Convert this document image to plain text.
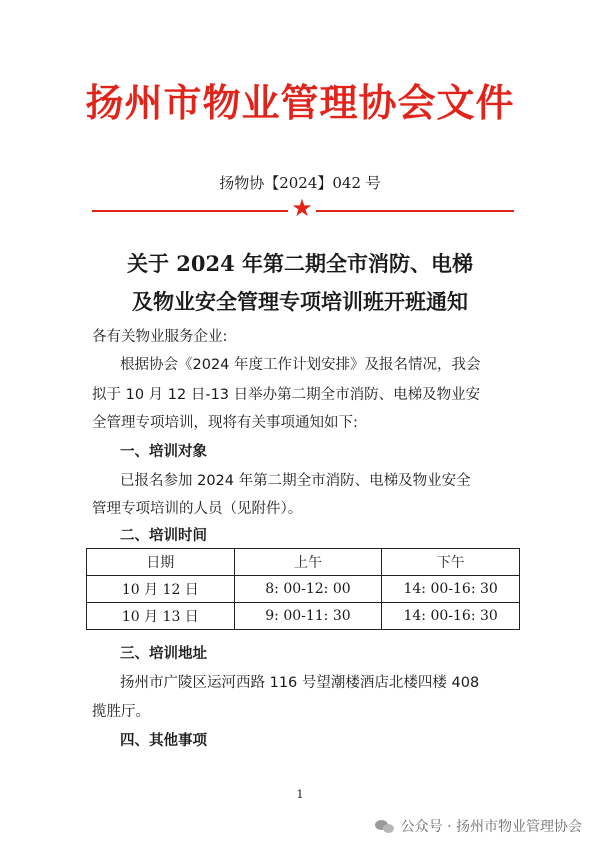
扬州市物业管理协会文件
扬物协【2024】042 号
★
关于 2024 年第二期全市消防、电梯
及物业安全管理专项培训班开班通知
各有关物业服务企业:
根据协会《2024 年度工作计划安排》及报名情况，我会
拟于 10 月 12 日-13 日举办第二期全市消防、电梯及物业安
全管理专项培训，现将有关事项通知如下:
一、培训对象
已报名参加 2024 年第二期全市消防、电梯及物业安全
管理专项培训的人员（见附件）。
二、培训时间
日期	上午	下午
10 月 12 日	8: 00-12: 00	14: 00-16: 30
10 月 13 日	9: 00-11: 30	14: 00-16: 30
三、培训地址
扬州市广陵区运河西路 116 号望潮楼酒店北楼四楼 408
揽胜厅。
四、其他事项
1
公众号 · 扬州市物业管理协会
